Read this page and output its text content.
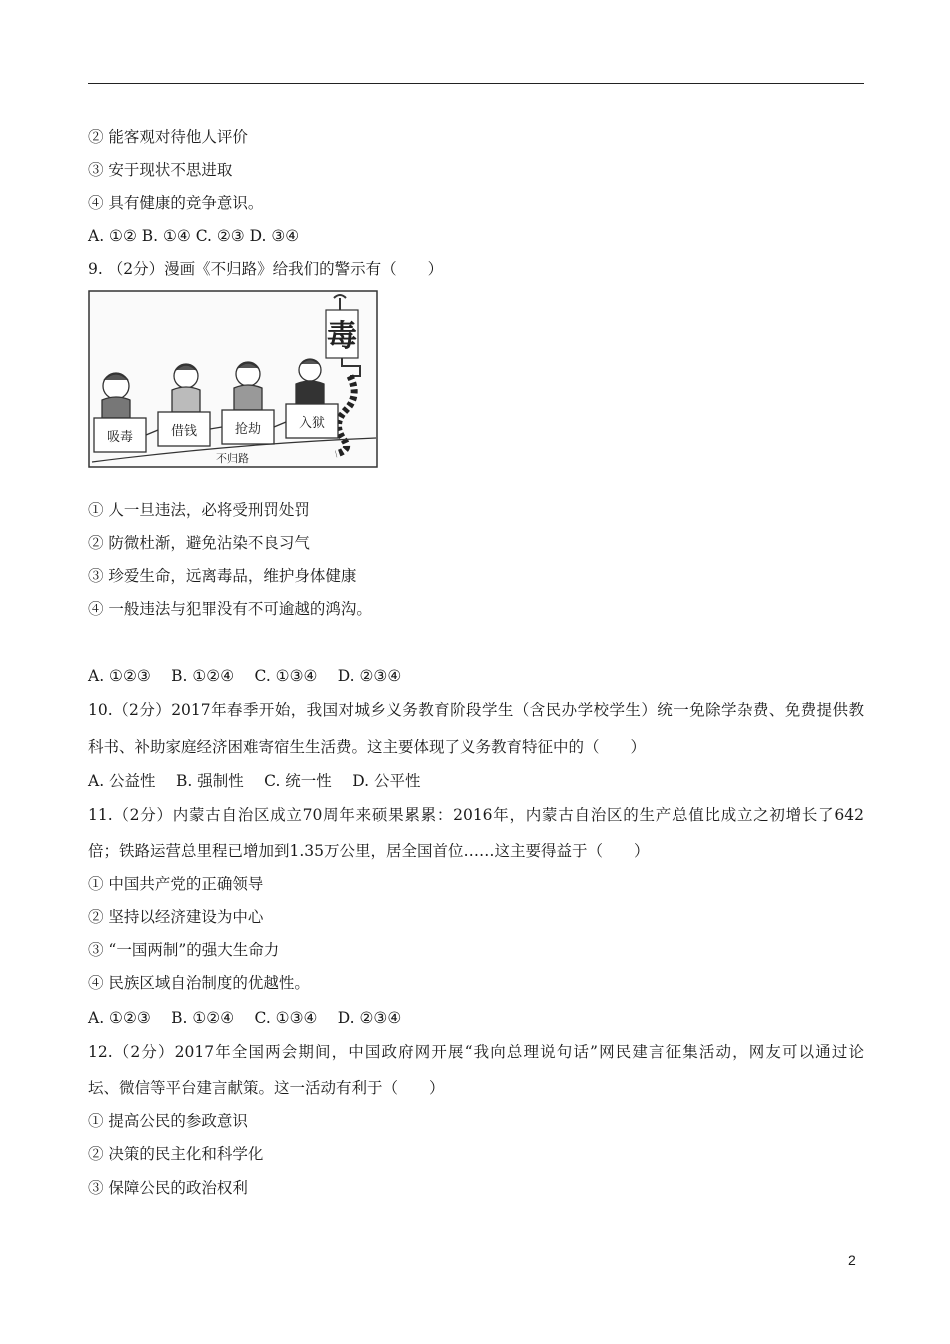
② 能客观对待他人评价
③ 安于现状不思进取
④ 具有健康的竞争意识。
A. ①② B. ①④ C. ②③ D. ③④
9. （2分）漫画《不归路》给我们的警示有（　　）
毒
吸毒	借钱	抢劫	入狱
不归路
① 人一旦违法，必将受刑罚处罚
② 防微杜渐，避免沾染不良习气
③ 珍爱生命，远离毒品，维护身体健康
④ 一般违法与犯罪没有不可逾越的鸿沟。
A. ①②③　 B. ①②④　 C. ①③④　 D. ②③④
10.（2分）2017年春季开始，我国对城乡义务教育阶段学生（含民办学校学生）统一免除学杂费、免费提供教
科书、补助家庭经济困难寄宿生生活费。这主要体现了义务教育特征中的（　　）
A. 公益性　 B. 强制性　 C. 统一性　 D. 公平性
11.（2分）内蒙古自治区成立70周年来硕果累累：2016年，内蒙古自治区的生产总值比成立之初增长了642
倍；铁路运营总里程已增加到1.35万公里，居全国首位……这主要得益于（　　）
① 中国共产党的正确领导
② 坚持以经济建设为中心
③ “一国两制”的强大生命力
④ 民族区域自治制度的优越性。
A. ①②③　 B. ①②④　 C. ①③④　 D. ②③④
12.（2分）2017年全国两会期间，中国政府网开展“我向总理说句话”网民建言征集活动，网友可以通过论
坛、微信等平台建言献策。这一活动有利于（　　）
① 提高公民的参政意识
② 决策的民主化和科学化
③ 保障公民的政治权利
2
